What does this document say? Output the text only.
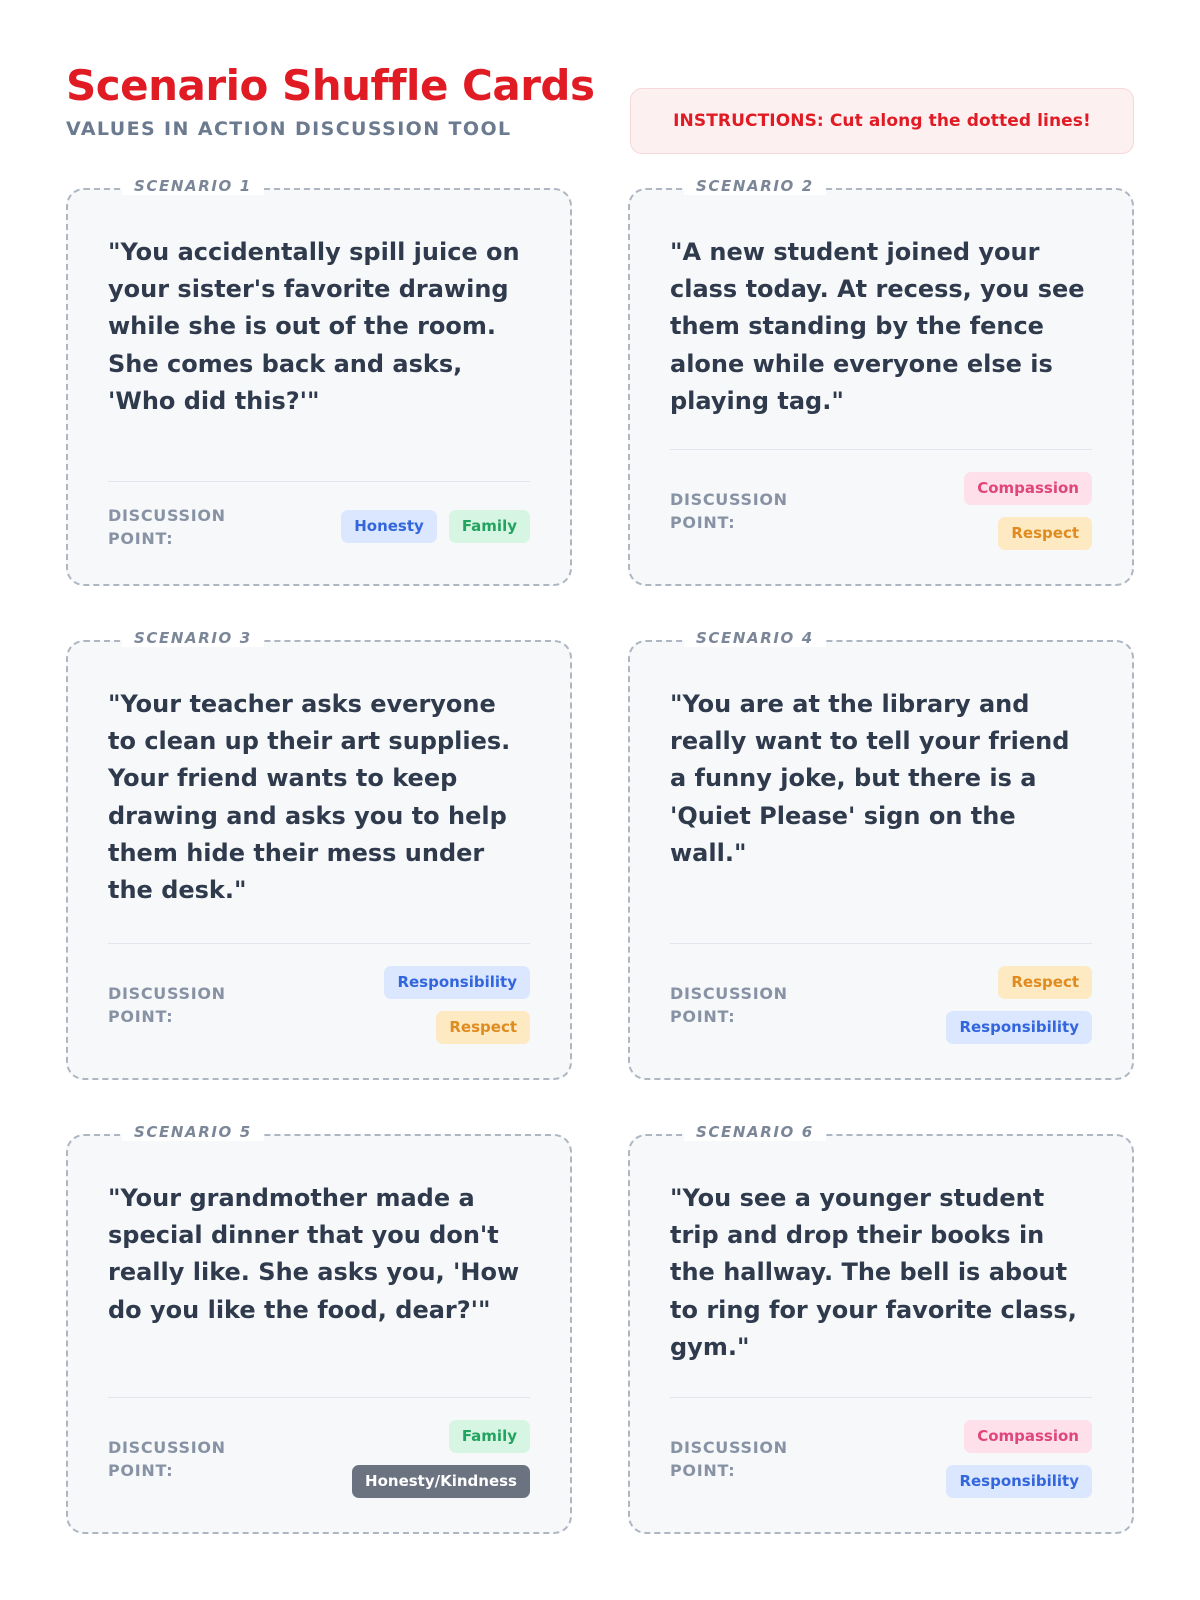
Scenario Shuffle Cards

VALUES IN ACTION DISCUSSION TOOL	INSTRUCTIONS: Cut along the dotted lines!
SCENARIO 1

"You accidentally spill juice on your sister's favorite drawing while she is out of the room. She comes back and asks, 'Who did this?'"

DISCUSSION POINT:
Honesty	Family
SCENARIO 2

"A new student joined your class today. At recess, you see them standing by the fence alone while everyone else is playing tag."

DISCUSSION POINT:
Compassion
Respect
SCENARIO 3

"Your teacher asks everyone to clean up their art supplies. Your friend wants to keep drawing and asks you to help them hide their mess under the desk."

DISCUSSION POINT:
Responsibility
Respect
SCENARIO 4

"You are at the library and really want to tell your friend a funny joke, but there is a 'Quiet Please' sign on the wall."

DISCUSSION POINT:
Respect
Responsibility
SCENARIO 5

"Your grandmother made a special dinner that you don't really like. She asks you, 'How do you like the food, dear?'"

DISCUSSION POINT:
Family
Honesty/Kindness
SCENARIO 6

"You see a younger student trip and drop their books in the hallway. The bell is about to ring for your favorite class, gym."

DISCUSSION POINT:
Compassion
Responsibility
